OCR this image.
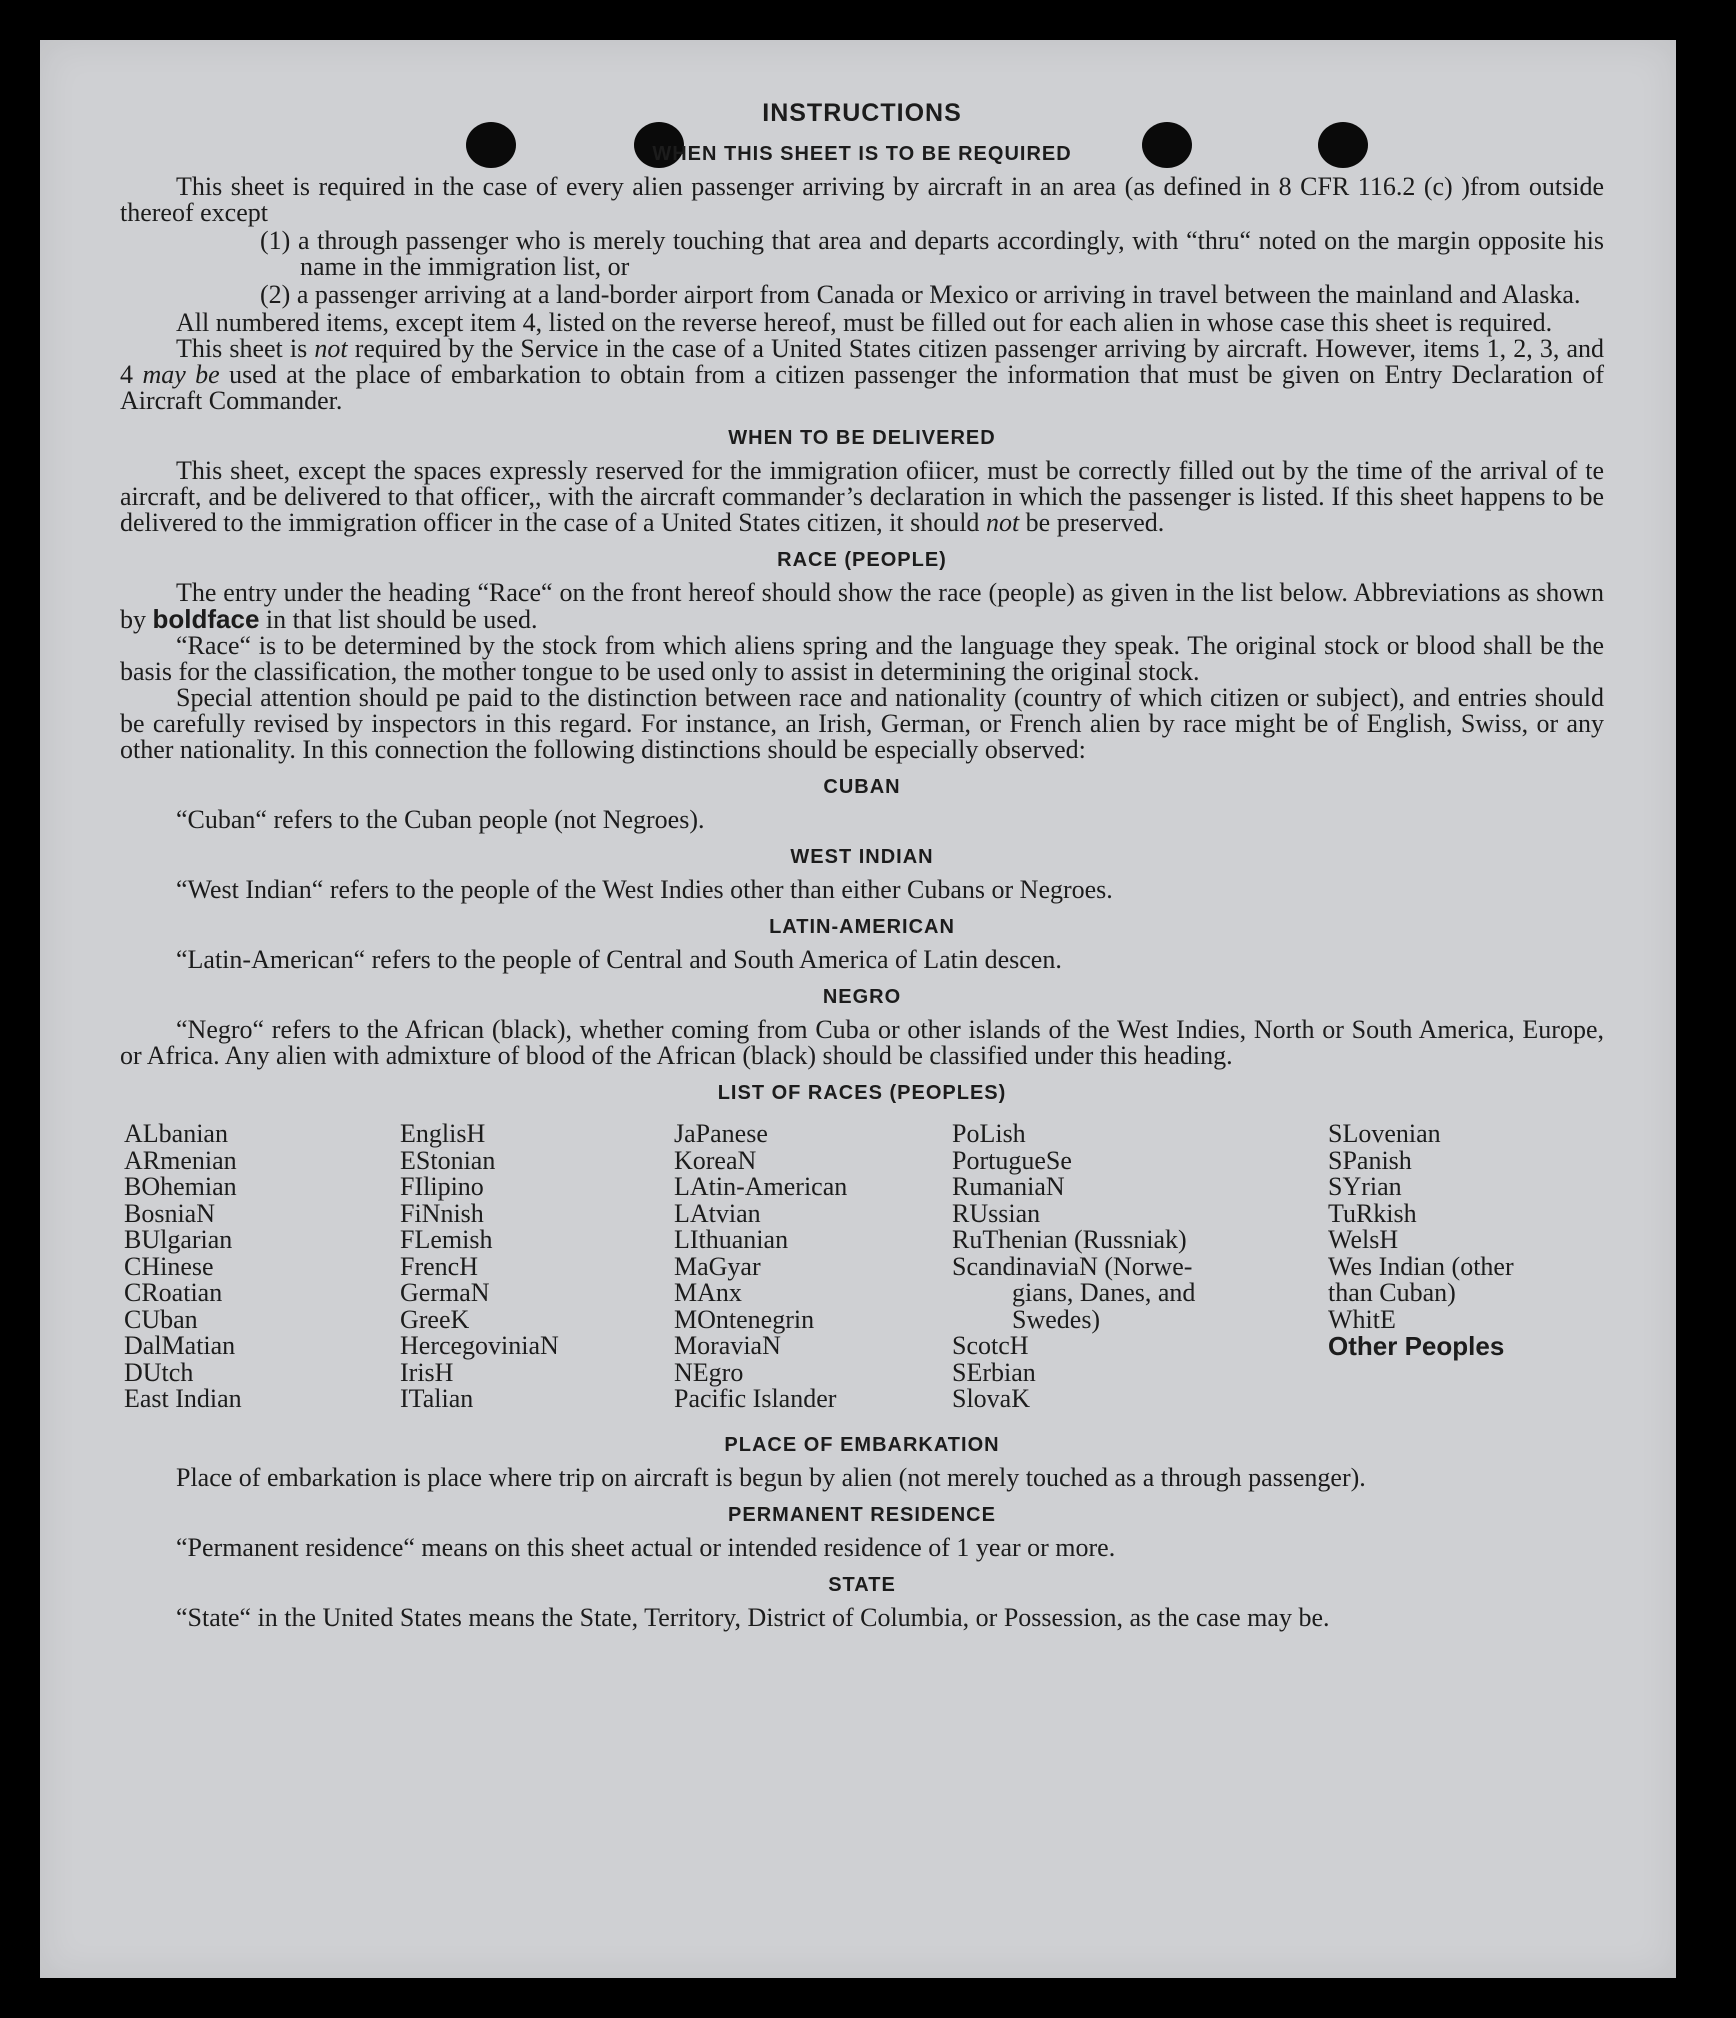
INSTRUCTIONS
WHEN THIS SHEET IS TO BE REQUIRED

This sheet is required in the case of every alien passenger arriving by aircraft in an area (as defined in 8 CFR 116.2 (c) )from outside thereof except

(1) a through passenger who is merely touching that area and departs accordingly, with “thru“ noted on the margin opposite his name in the immigration list, or

(2) a passenger arriving at a land-border airport from Canada or Mexico or arriving in travel between the mainland and Alaska.

All numbered items, except item 4, listed on the reverse hereof, must be filled out for each alien in whose case this sheet is required.

This sheet is not required by the Service in the case of a United States citizen passenger arriving by aircraft. However, items 1, 2, 3, and 4 may be used at the place of embarkation to obtain from a citizen passenger the information that must be given on Entry Declaration of Aircraft Commander.

WHEN TO BE DELIVERED

This sheet, except the spaces expressly reserved for the immigration ofiicer, must be correctly filled out by the time of the arrival of te aircraft, and be delivered to that officer,, with the aircraft commander’s declaration in which the passenger is listed. If this sheet happens to be delivered to the immigration officer in the case of a United States citizen, it should not be preserved.

RACE (PEOPLE)

The entry under the heading “Race“ on the front hereof should show the race (people) as given in the list below. Abbreviations as shown by boldface in that list should be used.

“Race“ is to be determined by the stock from which aliens spring and the language they speak. The original stock or blood shall be the basis for the classification, the mother tongue to be used only to assist in determining the original stock.

Special attention should pe paid to the distinction between race and nationality (country of which citizen or subject), and entries should be carefully revised by inspectors in this regard. For instance, an Irish, German, or French alien by race might be of English, Swiss, or any other nationality. In this connection the following distinctions should be especially observed:

CUBAN

“Cuban“ refers to the Cuban people (not Negroes).

WEST INDIAN

“West Indian“ refers to the people of the West Indies other than either Cubans or Negroes.

LATIN-AMERICAN

“Latin-American“ refers to the people of Central and South America of Latin descen.

NEGRO

“Negro“ refers to the African (black), whether coming from Cuba or other islands of the West Indies, North or South America, Europe, or Africa. Any alien with admixture of blood of the African (black) should be classified under this heading.

LIST OF RACES (PEOPLES)
ALbanian
ARmenian
BOhemian
BosniaN
BUlgarian
CHinese
CRoatian
CUban
DalMatian
DUtch
East Indian
EnglisH
EStonian
FIlipino
FiNnish
FLemish
FrencH
GermaN
GreeK
HercegoviniaN
IrisH
ITalian
JaPanese
KoreaN
LAtin-American
LAtvian
LIthuanian
MaGyar
MAnx
MOntenegrin
MoraviaN
NEgro
Pacific Islander
PoLish
PortugueSe
RumaniaN
RUssian
RuThenian (Russniak)
ScandinaviaN (Norwe-
gians, Danes, and
Swedes)
ScotcH
SErbian
SlovaK
SLovenian
SPanish
SYrian
TuRkish
WelsH
Wes Indian (other
than Cuban)
WhitE
Other Peoples
PLACE OF EMBARKATION

Place of embarkation is place where trip on aircraft is begun by alien (not merely touched as a through passenger).

PERMANENT RESIDENCE

“Permanent residence“ means on this sheet actual or intended residence of 1 year or more.

STATE

“State“ in the United States means the State, Territory, District of Columbia, or Possession, as the case may be.
